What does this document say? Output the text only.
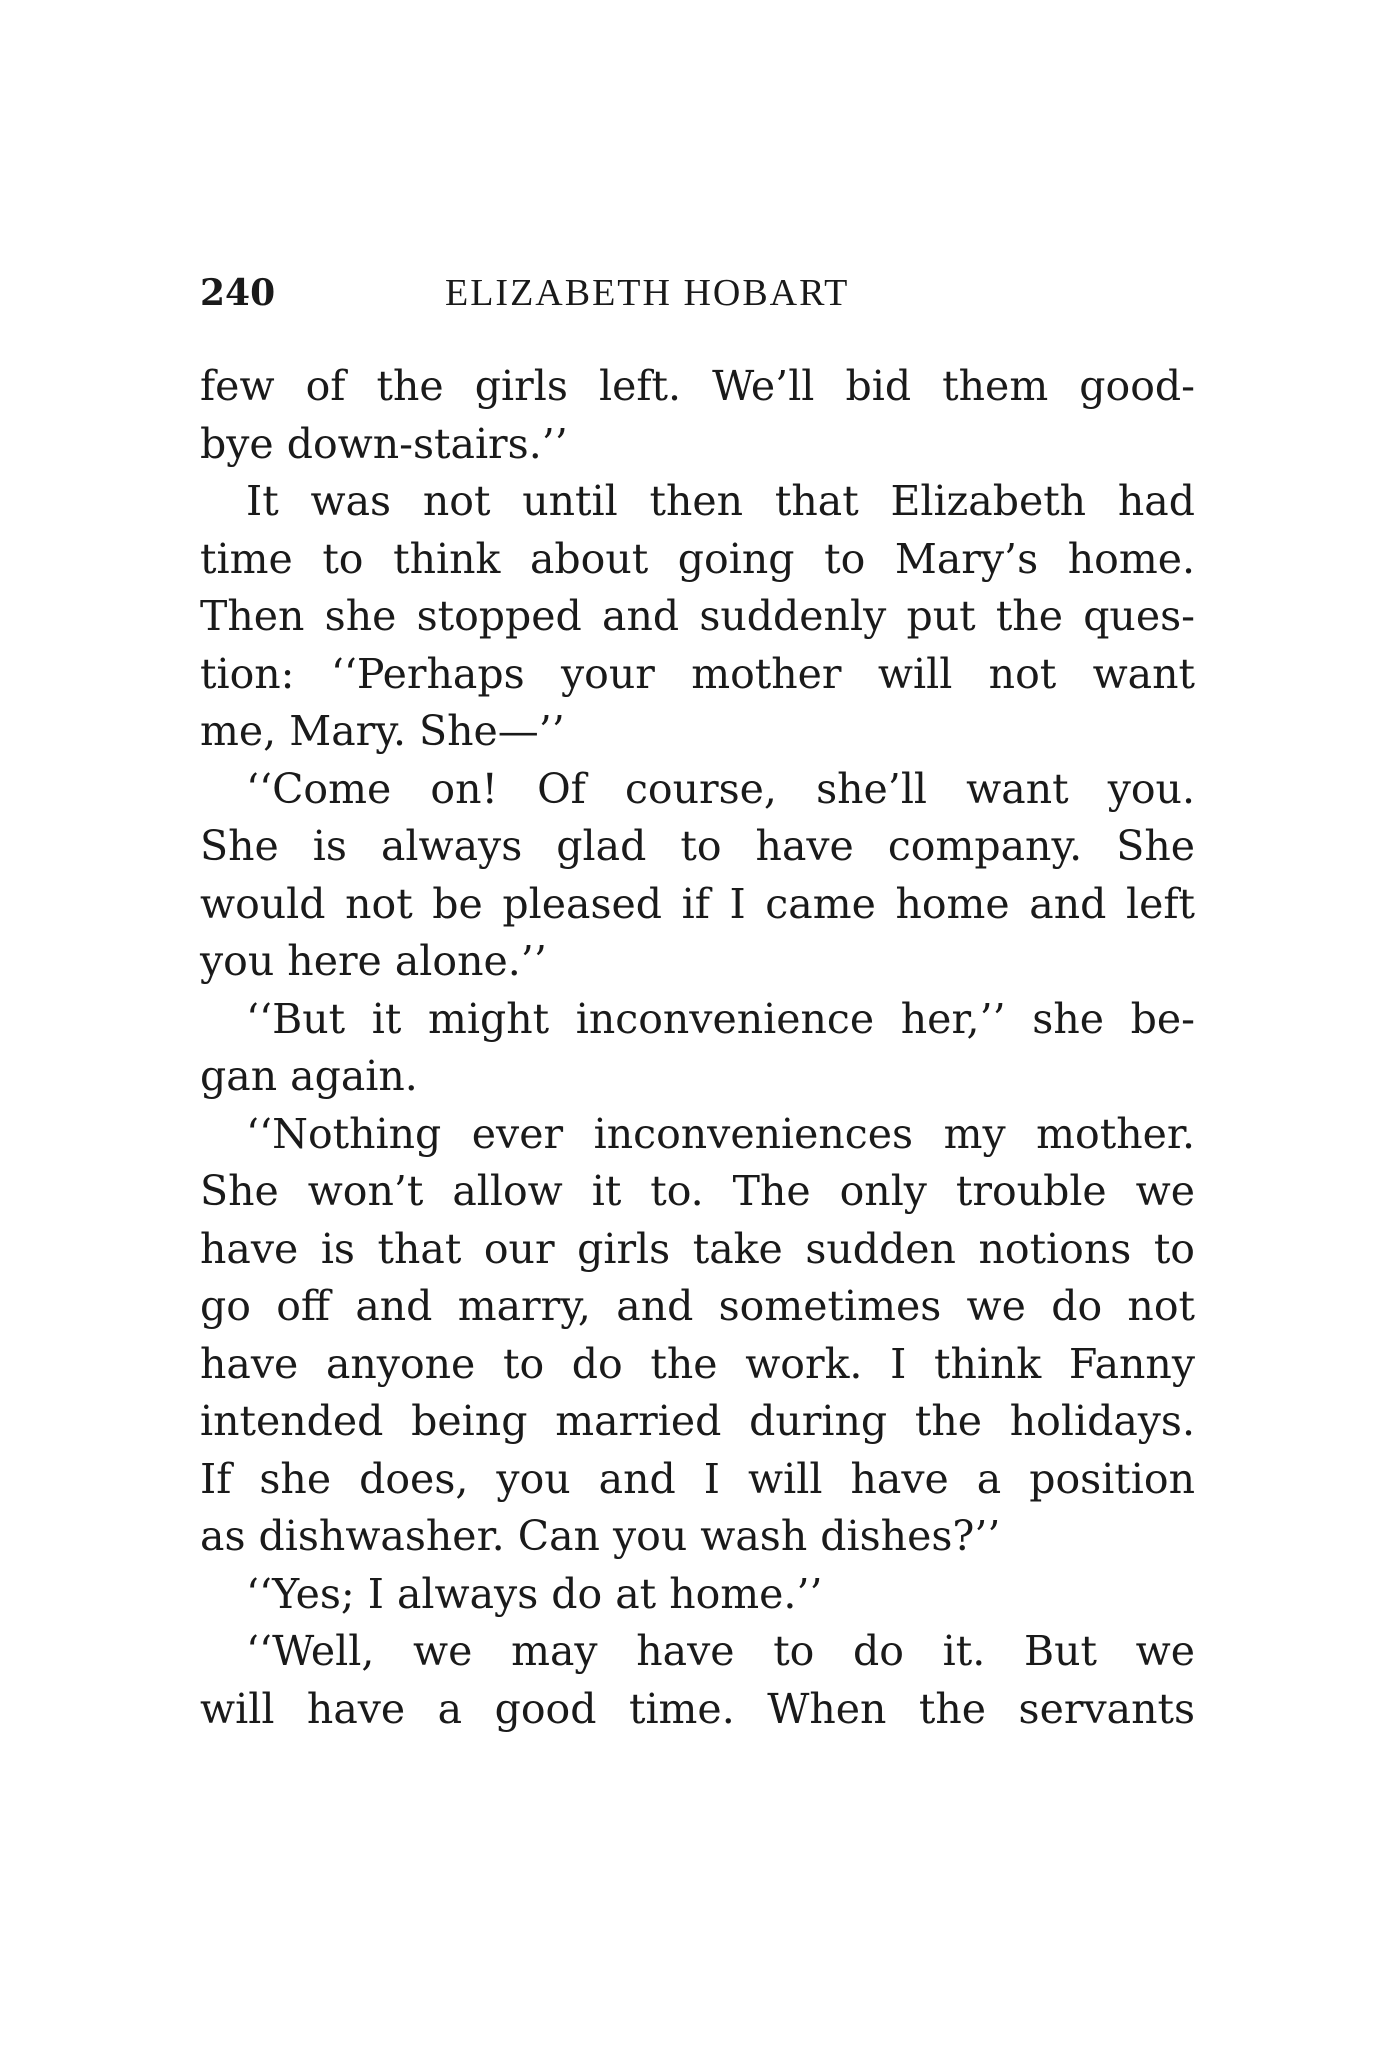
240	ELIZABETH HOBART
few of the girls left. We’ll bid them good-
bye down-stairs.’’
It was not until then that Elizabeth had
time to think about going to Mary’s home.
Then she stopped and suddenly put the ques-
tion: ‘‘Perhaps your mother will not want
me, Mary. She—’’
‘‘Come on! Of course, she’ll want you.
She is always glad to have company. She
would not be pleased if I came home and left
you here alone.’’
‘‘But it might inconvenience her,’’ she be-
gan again.
‘‘Nothing ever inconveniences my mother.
She won’t allow it to. The only trouble we
have is that our girls take sudden notions to
go off and marry, and sometimes we do not
have anyone to do the work. I think Fanny
intended being married during the holidays.
If she does, you and I will have a position
as dishwasher. Can you wash dishes?’’
‘‘Yes; I always do at home.’’
‘‘Well, we may have to do it. But we
will have a good time. When the servants
